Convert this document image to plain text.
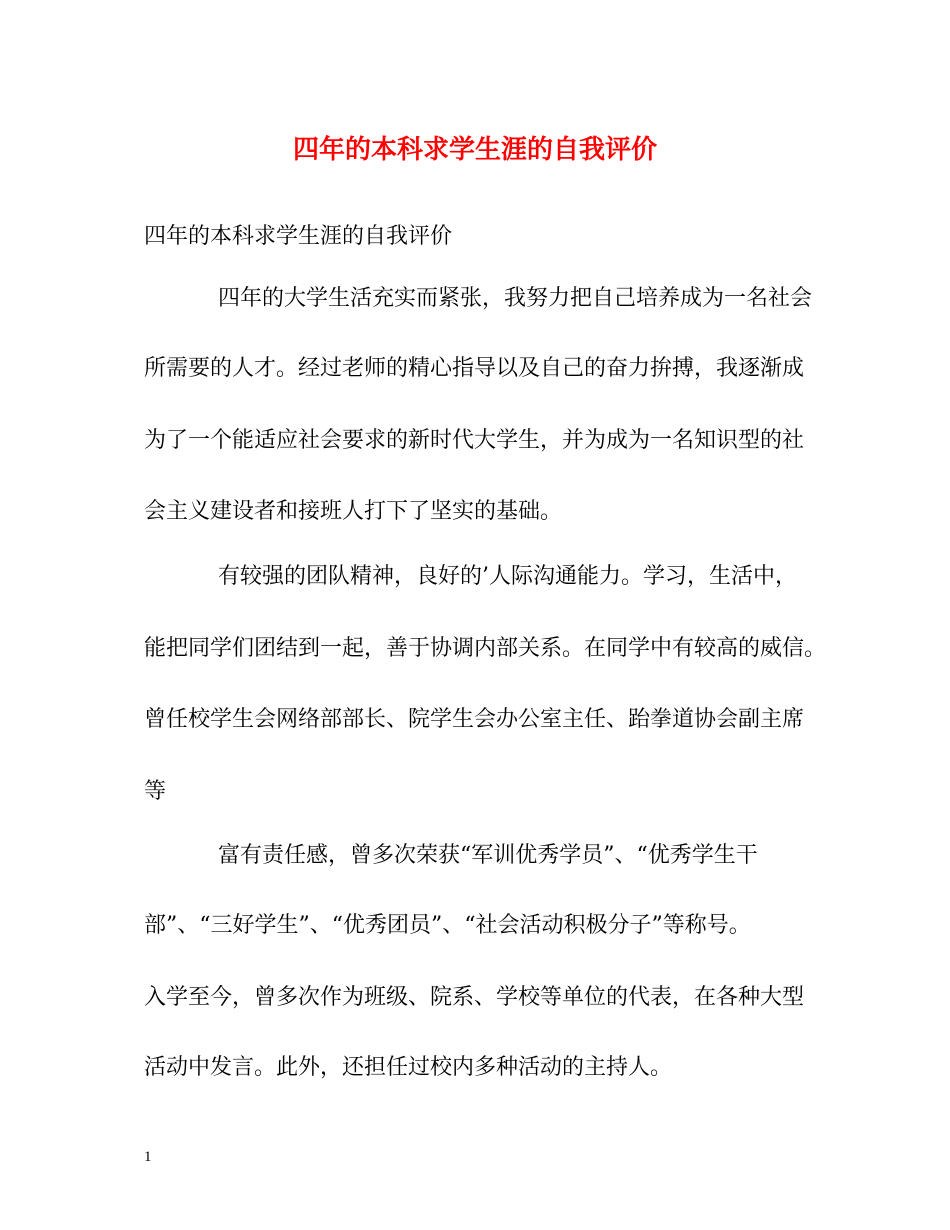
四年的本科求学生涯的自我评价
四年的本科求学生涯的自我评价
四年的大学生活充实而紧张，我努力把自己培养成为一名社会
所需要的人才。经过老师的精心指导以及自己的奋力拚搏，我逐渐成
为了一个能适应社会要求的新时代大学生，并为成为一名知识型的社
会主义建设者和接班人打下了坚实的基础。
有较强的团队精神，良好的’人际沟通能力。学习，生活中，
能把同学们团结到一起，善于协调内部关系。在同学中有较高的威信。
曾任校学生会网络部部长、院学生会办公室主任、跆拳道协会副主席
等
富有责任感，曾多次荣获“军训优秀学员”、“优秀学生干
部”、“三好学生”、“优秀团员”、“社会活动积极分子”等称号。
入学至今，曾多次作为班级、院系、学校等单位的代表，在各种大型
活动中发言。此外，还担任过校内多种活动的主持人。
1
